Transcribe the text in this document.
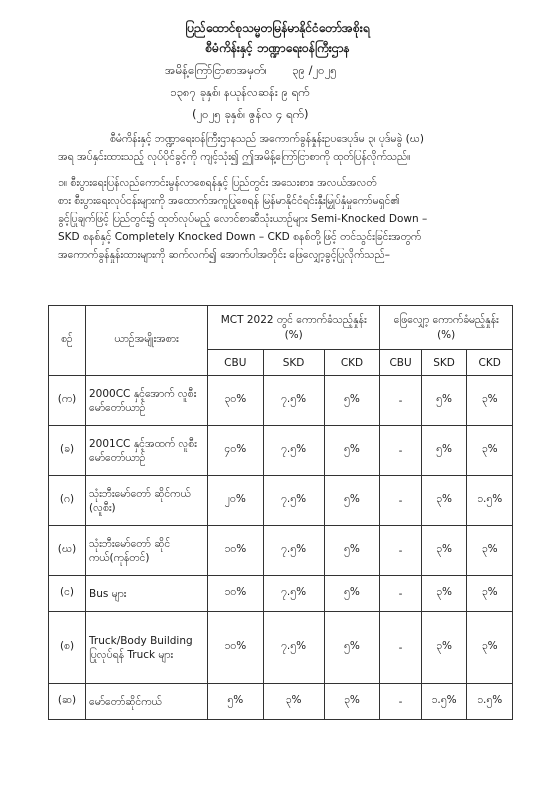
ပြည်ထောင်စုသမ္မတမြန်မာနိုင်ငံတော်အစိုးရ
စီမံကိန်းနှင့် ဘဏ္ဍာရေးဝန်ကြီးဌာန
အမိန့်ကြော်ငြာစာအမှတ်၊ ၃၉ /၂၀၂၅
၁၃၈၇ ခုနှစ်၊ နယုန်လဆန်း ၉ ရက်
(၂၀၂၅ ခုနှစ်၊ ဇွန်လ ၄ ရက်)
စီမံကိန်းနှင့် ဘဏ္ဍာရေးဝန်ကြီးဌာနသည် အကောက်ခွန်နှုန်းဥပဒေပုဒ်မ ၃၊ ပုဒ်မခွဲ (ဃ)
အရ အပ်နှင်းထားသည့် လုပ်ပိုင်ခွင့်ကို ကျင့်သုံး၍ ဤအမိန့်ကြော်ငြာစာကို ထုတ်ပြန်လိုက်သည်။
၁။ စီးပွားရေးပြန်လည်ကောင်းမွန်လာစေရန်နှင့် ပြည်တွင်း အသေးစား၊ အလယ်အလတ်
စား စီးပွားရေးလုပ်ငန်းများကို အထောက်အကူပြုစေရန် မြန်မာနိုင်ငံရင်းနှီးမြှုပ်နှံမှုကော်မရှင်၏
ခွင့်ပြုချက်ဖြင့် ပြည်တွင်း၌ ထုတ်လုပ်မည့် လောင်စာဆီသုံးယာဉ်များ Semi-Knocked Down –
SKD စနစ်နှင့် Completely Knocked Down – CKD စနစ်တို့ဖြင့် တင်သွင်းခြင်းအတွက်
အကောက်ခွန်နှုန်းထားများကို ဆက်လက်၍ အောက်ပါအတိုင်း ဖြေလျှော့ခွင့်ပြုလိုက်သည်–
စဉ်	ယာဉ်အမျိုးအစား	MCT 2022 တွင် ကောက်ခံသည့်နှုန်း (%)			ဖြေလျှော့ ကောက်ခံမည့်နှုန်း (%)		
		CBU	SKD	CKD	CBU	SKD	CKD
(က)	2000CC နှင့်အောက် လူစီးမော်တော်ယာဉ်	၃၀%	၇.၅%	၅%	-	၅%	၃%
(ခ)	2001CC နှင့်အထက် လူစီးမော်တော်ယာဉ်	၄၀%	၇.၅%	၅%	-	၅%	၃%
(ဂ)	သုံးဘီးမော်တော် ဆိုင်ကယ် (လူစီး)	၂၀%	၇.၅%	၅%	-	၃%	၁.၅%
(ဃ)	သုံးဘီးမော်တော် ဆိုင်ကယ်(ကုန်တင်)	၁၀%	၇.၅%	၅%	-	၃%	၃%
(င)	Bus များ	၁၀%	၇.၅%	၅%	-	၃%	၃%
(စ)	Truck/Body Building ပြုလုပ်ရန် Truck များ	၁၀%	၇.၅%	၅%	-	၃%	၃%
(ဆ)	မော်တော်ဆိုင်ကယ်	၅%	၃%	၃%	-	၁.၅%	၁.၅%
